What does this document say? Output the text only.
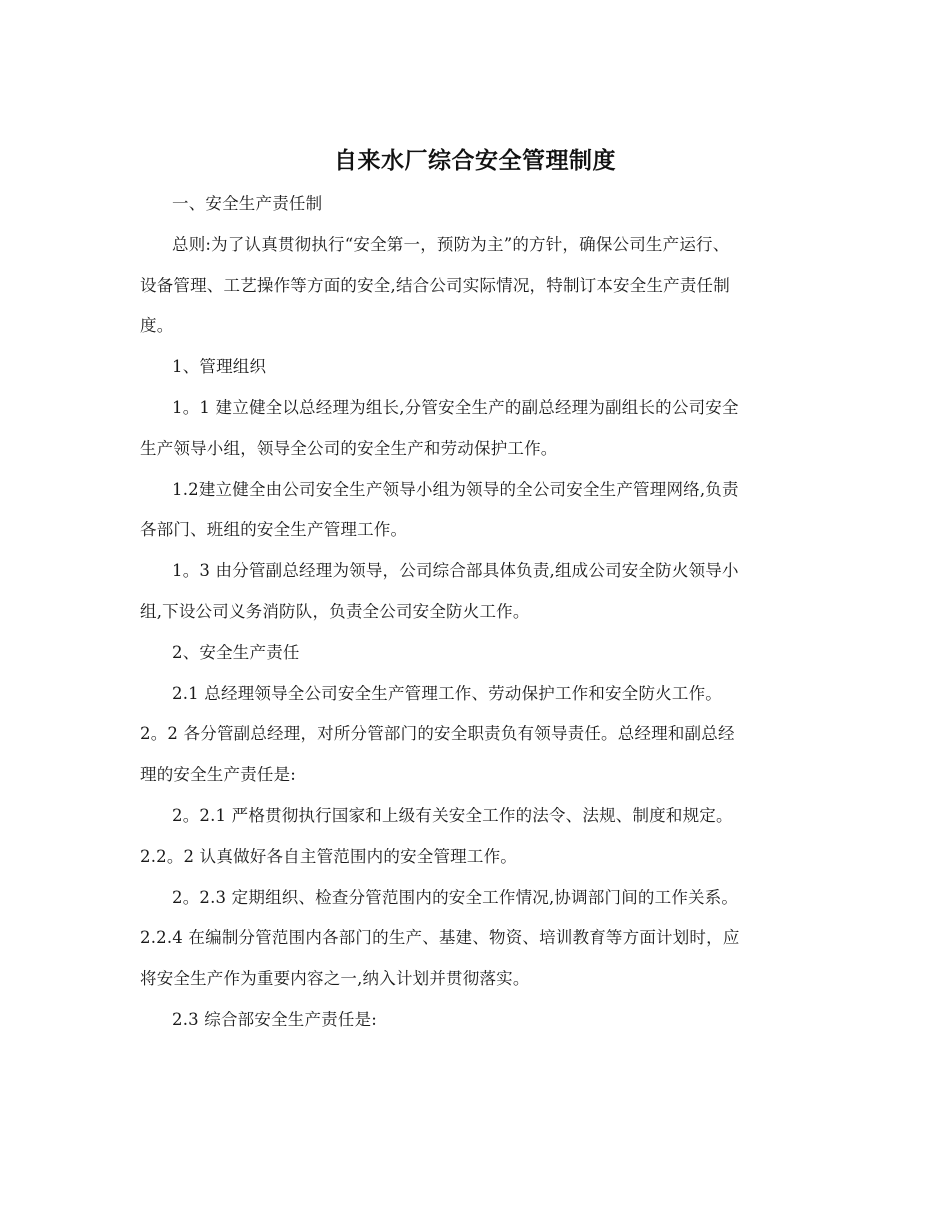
自来水厂综合安全管理制度

一、安全生产责任制

总则:为了认真贯彻执行“安全第一，预防为主”的方针，确保公司生产运行、

设备管理、工艺操作等方面的安全,结合公司实际情况，特制订本安全生产责任制

度。

1、管理组织

1。1 建立健全以总经理为组长,分管安全生产的副总经理为副组长的公司安全

生产领导小组，领导全公司的安全生产和劳动保护工作。

1.2建立健全由公司安全生产领导小组为领导的全公司安全生产管理网络,负责

各部门、班组的安全生产管理工作。

1。3 由分管副总经理为领导，公司综合部具体负责,组成公司安全防火领导小

组,下设公司义务消防队，负责全公司安全防火工作。

2、安全生产责任

2.1 总经理领导全公司安全生产管理工作、劳动保护工作和安全防火工作。

2。2 各分管副总经理，对所分管部门的安全职责负有领导责任。总经理和副总经

理的安全生产责任是:

2。2.1 严格贯彻执行国家和上级有关安全工作的法令、法规、制度和规定。

2.2。2 认真做好各自主管范围内的安全管理工作。

2。2.3 定期组织、检查分管范围内的安全工作情况,协调部门间的工作关系。

2.2.4 在编制分管范围内各部门的生产、基建、物资、培训教育等方面计划时，应

将安全生产作为重要内容之一,纳入计划并贯彻落实。

2.3 综合部安全生产责任是:
